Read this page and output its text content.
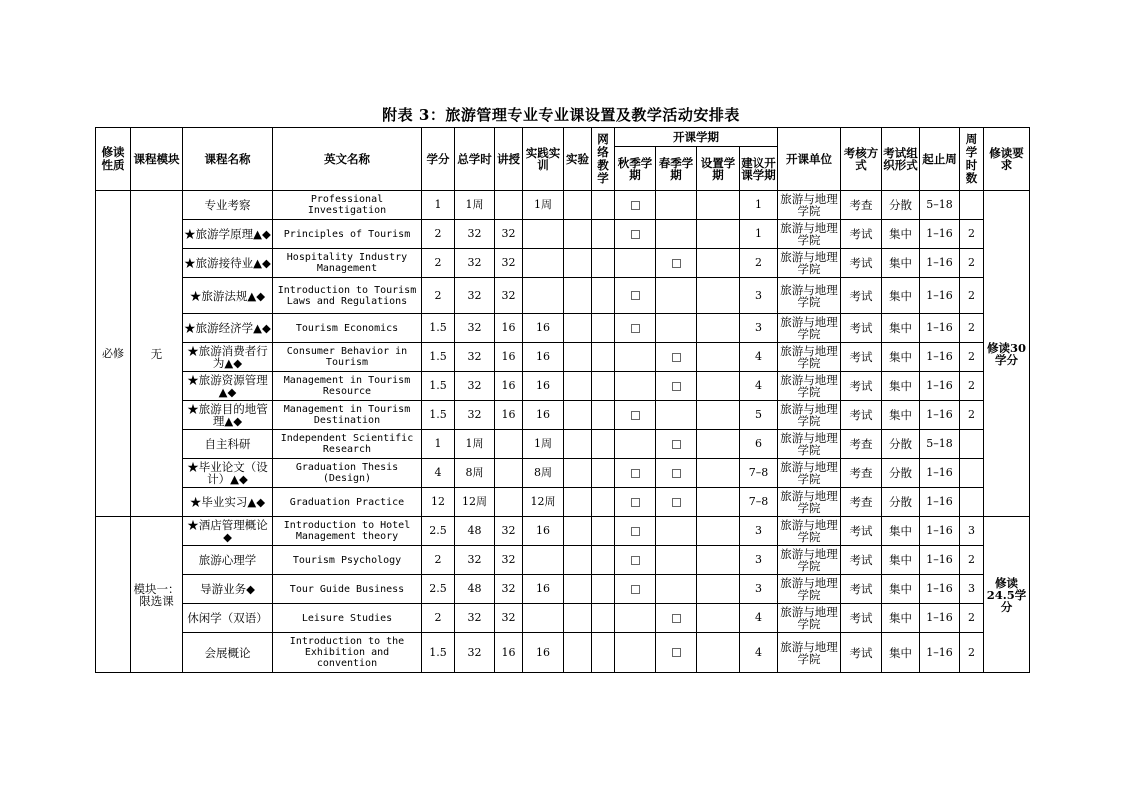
附表 3：旅游管理专业专业课设置及教学活动安排表
修读性质	课程模块	课程名称	英文名称	学分	总学时	讲授	实践实训	实验	网络教学	开课学期				开课单位	考核方式	考试组织形式	起止周	周学时数	修读要求
										秋季学期	春季学期	设置学期	建议开课学期						
必修	无	专业考察	Professional Investigation	1	1周		1周						1	旅游与地理学院	考查	分散	5–18		修读30学分
		★旅游学原理▲◆	Principles of Tourism	2	32	32							1	旅游与地理学院	考试	集中	1–16	2	
		★旅游接待业▲◆	Hospitality Industry Management	2	32	32							2	旅游与地理学院	考试	集中	1–16	2	
		★旅游法规▲◆	Introduction to Tourism Laws and Regulations	2	32	32							3	旅游与地理学院	考试	集中	1–16	2	
		★旅游经济学▲◆	Tourism Economics	1.5	32	16	16						3	旅游与地理学院	考试	集中	1–16	2	
		★旅游消费者行为▲◆	Consumer Behavior in Tourism	1.5	32	16	16						4	旅游与地理学院	考试	集中	1–16	2	
		★旅游资源管理▲◆	Management in Tourism Resource	1.5	32	16	16						4	旅游与地理学院	考试	集中	1–16	2	
		★旅游目的地管理▲◆	Management in Tourism Destination	1.5	32	16	16						5	旅游与地理学院	考试	集中	1–16	2	
		自主科研	Independent Scientific Research	1	1周		1周						6	旅游与地理学院	考查	分散	5–18		
		★毕业论文（设计）▲◆	Graduation Thesis (Design)	4	8周		8周						7–8	旅游与地理学院	考查	分散	1–16		
		★毕业实习▲◆	Graduation Practice	12	12周		12周						7–8	旅游与地理学院	考查	分散	1–16		
	模块一：限选课	★酒店管理概论◆	Introduction to Hotel Management theory	2.5	48	32	16						3	旅游与地理学院	考试	集中	1–16	3	修读24.5学分
		旅游心理学	Tourism Psychology	2	32	32							3	旅游与地理学院	考试	集中	1–16	2	
		导游业务◆	Tour Guide Business	2.5	48	32	16						3	旅游与地理学院	考试	集中	1–16	3	
		休闲学（双语）	Leisure Studies	2	32	32							4	旅游与地理学院	考试	集中	1–16	2	
		会展概论	Introduction to the Exhibition and convention	1.5	32	16	16						4	旅游与地理学院	考试	集中	1–16	2	
